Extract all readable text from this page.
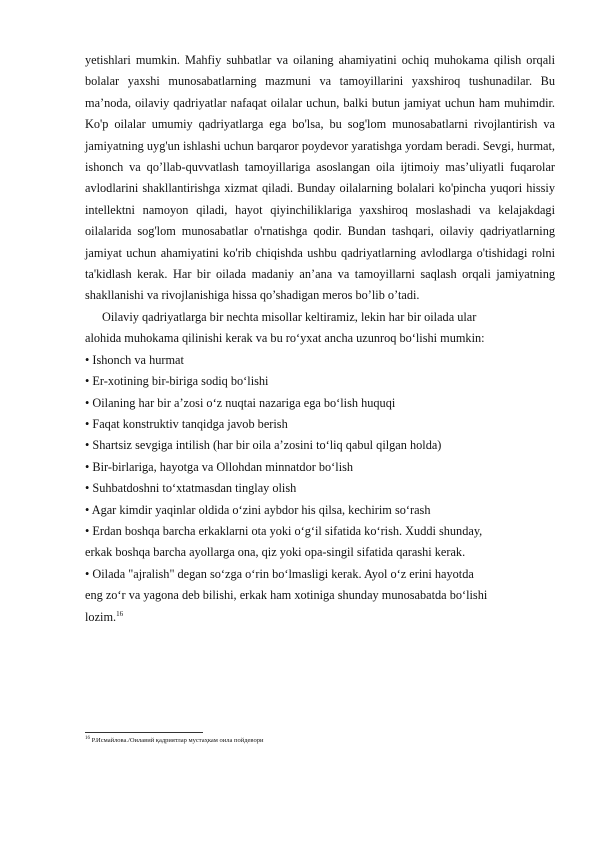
yetishlari mumkin. Mahfiy suhbatlar va oilaning ahamiyatini ochiq muhokama qilish orqali bolalar yaxshi munosabatlarning mazmuni va tamoyillarini yaxshiroq tushunadilar. Bu ma’noda, oilaviy qadriyatlar nafaqat oilalar uchun, balki butun jamiyat uchun ham muhimdir. Ko'p oilalar umumiy qadriyatlarga ega bo'lsa, bu sog'lom munosabatlarni rivojlantirish va jamiyatning uyg'un ishlashi uchun barqaror poydevor yaratishga yordam beradi. Sevgi, hurmat, ishonch va qo’llab-quvvatlash tamoyillariga asoslangan oila ijtimoiy mas’uliyatli fuqarolar avlodlarini shakllantirishga xizmat qiladi. Bunday oilalarning bolalari ko'pincha yuqori hissiy intellektni namoyon qiladi, hayot qiyinchiliklariga yaxshiroq moslashadi va kelajakdagi oilalarida sog'lom munosabatlar o'rnatishga qodir. Bundan tashqari, oilaviy qadriyatlarning jamiyat uchun ahamiyatini ko'rib chiqishda ushbu qadriyatlarning avlodlarga o'tishidagi rolni ta'kidlash kerak. Har bir oilada madaniy an’ana va tamoyillarni saqlash orqali jamiyatning shakllanishi va rivojlanishiga hissa qo’shadigan meros bo’lib o’tadi.

Oilaviy qadriyatlarga bir nechta misollar keltiramiz, lekin har bir oilada ular

alohida muhokama qilinishi kerak va bu ro‘yxat ancha uzunroq bo‘lishi mumkin:

• Ishonch va hurmat

• Er-xotining bir-biriga sodiq bo‘lishi

• Oilaning har bir a’zosi o‘z nuqtai nazariga ega bo‘lish huquqi

• Faqat konstruktiv tanqidga javob berish

• Shartsiz sevgiga intilish (har bir oila a’zosini to‘liq qabul qilgan holda)

• Bir-birlariga, hayotga va Ollohdan minnatdor bo‘lish

• Suhbatdoshni to‘xtatmasdan tinglay olish

• Agar kimdir yaqinlar oldida o‘zini aybdor his qilsa, kechirim so‘rash

• Erdan boshqa barcha erkaklarni ota yoki o‘g‘il sifatida ko‘rish. Xuddi shunday,

erkak boshqa barcha ayollarga ona, qiz yoki opa-singil sifatida qarashi kerak.

• Oilada "ajralish" degan so‘zga o‘rin bo‘lmasligi kerak. Ayol o‘z erini hayotda

eng zo‘r va yagona deb bilishi, erkak ham xotiniga shunday munosabatda bo‘lishi

lozim.$^{16}$

$^{16}$ Р.Исмайлова./Оилавий қадриятлар мустаҳкам оила пойдевори
